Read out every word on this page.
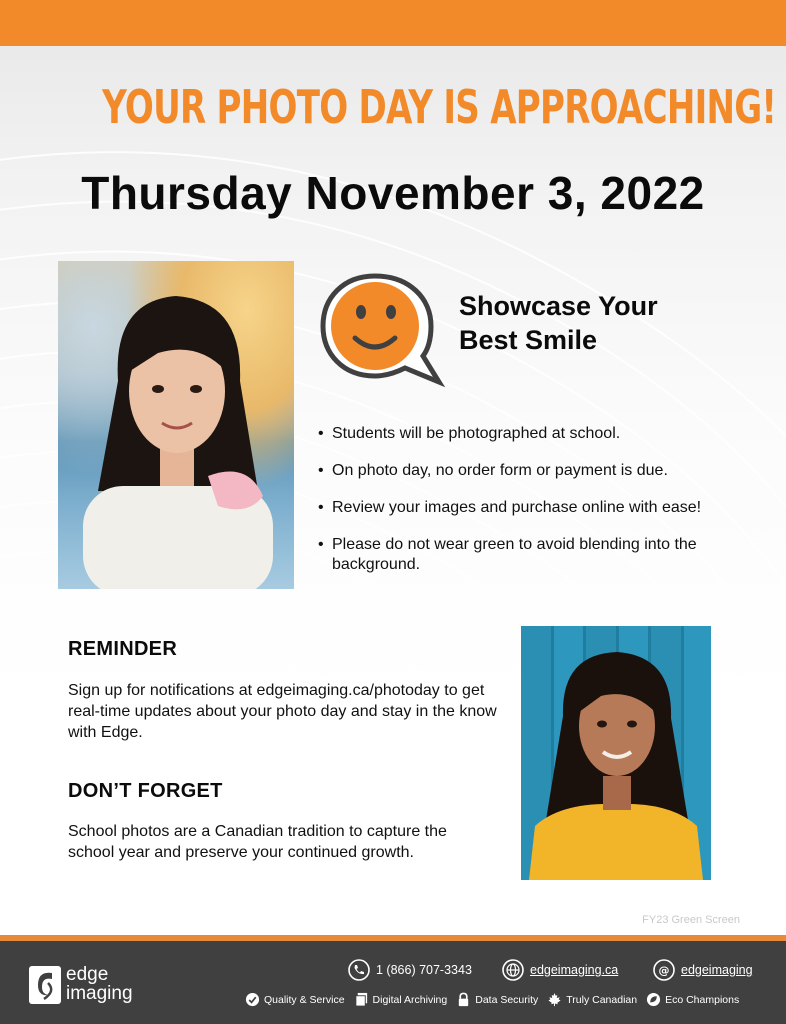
YOUR PHOTO DAY IS APPROACHING!
Thursday November 3, 2022
Showcase Your
Best Smile
• Students will be photographed at school.
• On photo day, no order form or payment is due.
• Review your images and purchase online with ease!
• Please do not wear green to avoid blending into the background.
REMINDER
Sign up for notifications at edgeimaging.ca/photoday to get real-time updates about your photo day and stay in the know with Edge.
DON’T FORGET
School photos are a Canadian tradition to capture the school year and preserve your continued growth.
FY23 Green Screen
edge
imaging
1 (866) 707-3343	edgeimaging.ca	@ edgeimaging
Quality & Service	Digital Archiving	Data Security	Truly Canadian	Eco Champions
